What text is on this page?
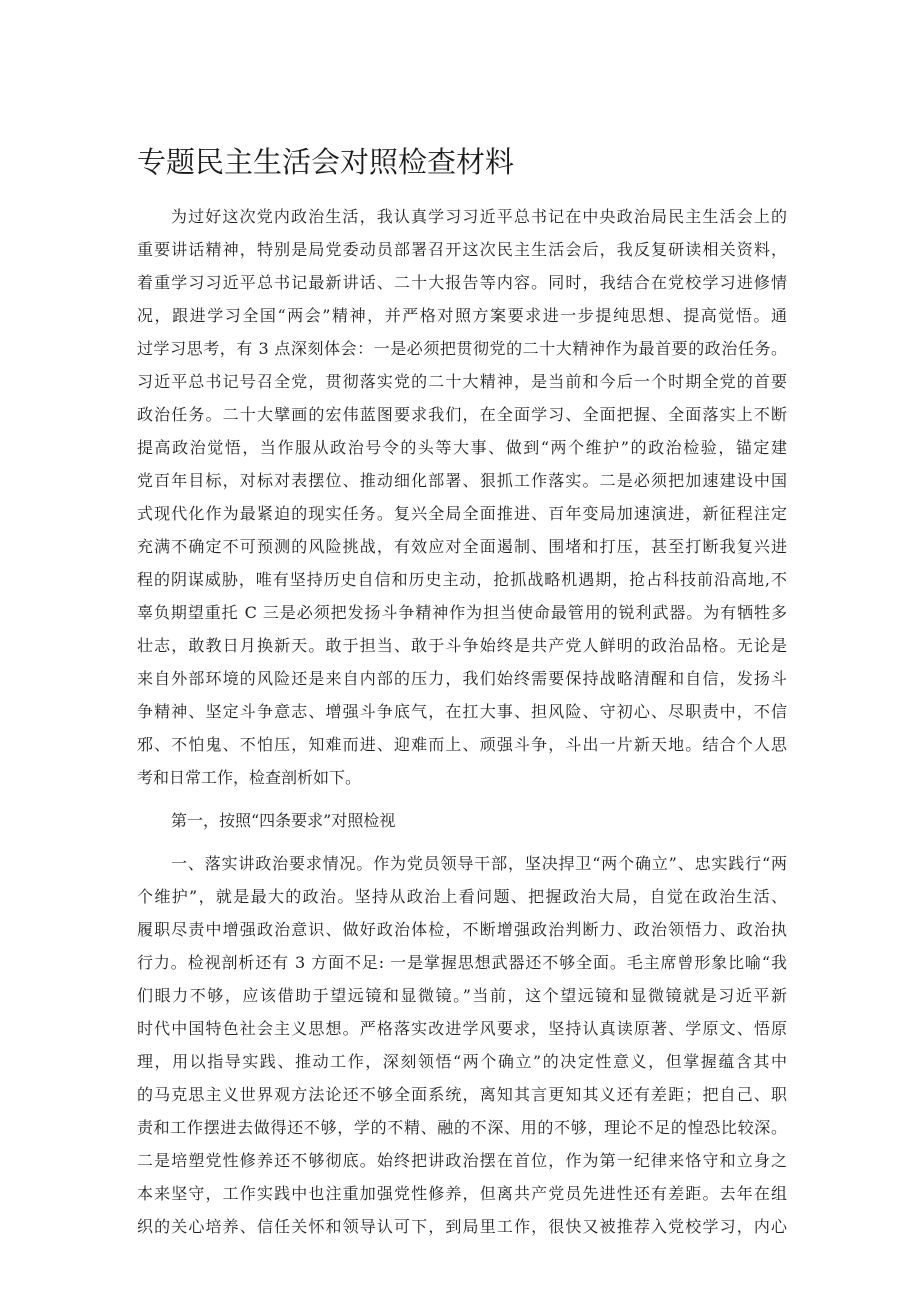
专题民主生活会对照检查材料
为过好这次党内政治生活，我认真学习习近平总书记在中央政治局民主生活会上的
重要讲话精神，特别是局党委动员部署召开这次民主生活会后，我反复研读相关资料，
着重学习习近平总书记最新讲话、二十大报告等内容。同时，我结合在党校学习进修情
况，跟进学习全国“两会”精神，并严格对照方案要求进一步提纯思想、提高觉悟。通
过学习思考，有 3 点深刻体会：一是必须把贯彻党的二十大精神作为最首要的政治任务。
习近平总书记号召全党，贯彻落实党的二十大精神，是当前和今后一个时期全党的首要
政治任务。二十大擘画的宏伟蓝图要求我们，在全面学习、全面把握、全面落实上不断
提高政治觉悟，当作服从政治号令的头等大事、做到“两个维护”的政治检验，锚定建
党百年目标，对标对表摆位、推动细化部署、狠抓工作落实。二是必须把加速建设中国
式现代化作为最紧迫的现实任务。复兴全局全面推进、百年变局加速演进，新征程注定
充满不确定不可预测的风险挑战，有效应对全面遏制、围堵和打压，甚至打断我复兴进
程的阴谋威胁，唯有坚持历史自信和历史主动，抢抓战略机遇期，抢占科技前沿高地,不
辜负期望重托 C 三是必须把发扬斗争精神作为担当使命最管用的锐利武器。为有牺牲多
壮志，敢教日月换新天。敢于担当、敢于斗争始终是共产党人鲜明的政治品格。无论是
来自外部环境的风险还是来自内部的压力，我们始终需要保持战略清醒和自信，发扬斗
争精神、坚定斗争意志、增强斗争底气，在扛大事、担风险、守初心、尽职责中，不信
邪、不怕鬼、不怕压，知难而进、迎难而上、顽强斗争，斗出一片新天地。结合个人思
考和日常工作，检查剖析如下。
第一，按照“四条要求”对照检视
一、落实讲政治要求情况。作为党员领导干部，坚决捍卫“两个确立”、忠实践行“两
个维护”，就是最大的政治。坚持从政治上看问题、把握政治大局，自觉在政治生活、
履职尽责中增强政治意识、做好政治体检，不断增强政治判断力、政治领悟力、政治执
行力。检视剖析还有 3 方面不足: 一是掌握思想武器还不够全面。毛主席曾形象比喻“我
们眼力不够，应该借助于望远镜和显微镜。”当前，这个望远镜和显微镜就是习近平新
时代中国特色社会主义思想。严格落实改进学风要求，坚持认真读原著、学原文、悟原
理，用以指导实践、推动工作，深刻领悟“两个确立”的决定性意义，但掌握蕴含其中
的马克思主义世界观方法论还不够全面系统，离知其言更知其义还有差距；把自己、职
责和工作摆进去做得还不够，学的不精、融的不深、用的不够，理论不足的惶恐比较深。
二是培塑党性修养还不够彻底。始终把讲政治摆在首位，作为第一纪律来恪守和立身之
本来坚守，工作实践中也注重加强党性修养，但离共产党员先进性还有差距。去年在组
织的关心培养、信任关怀和领导认可下，到局里工作，很快又被推荐入党校学习，内心
